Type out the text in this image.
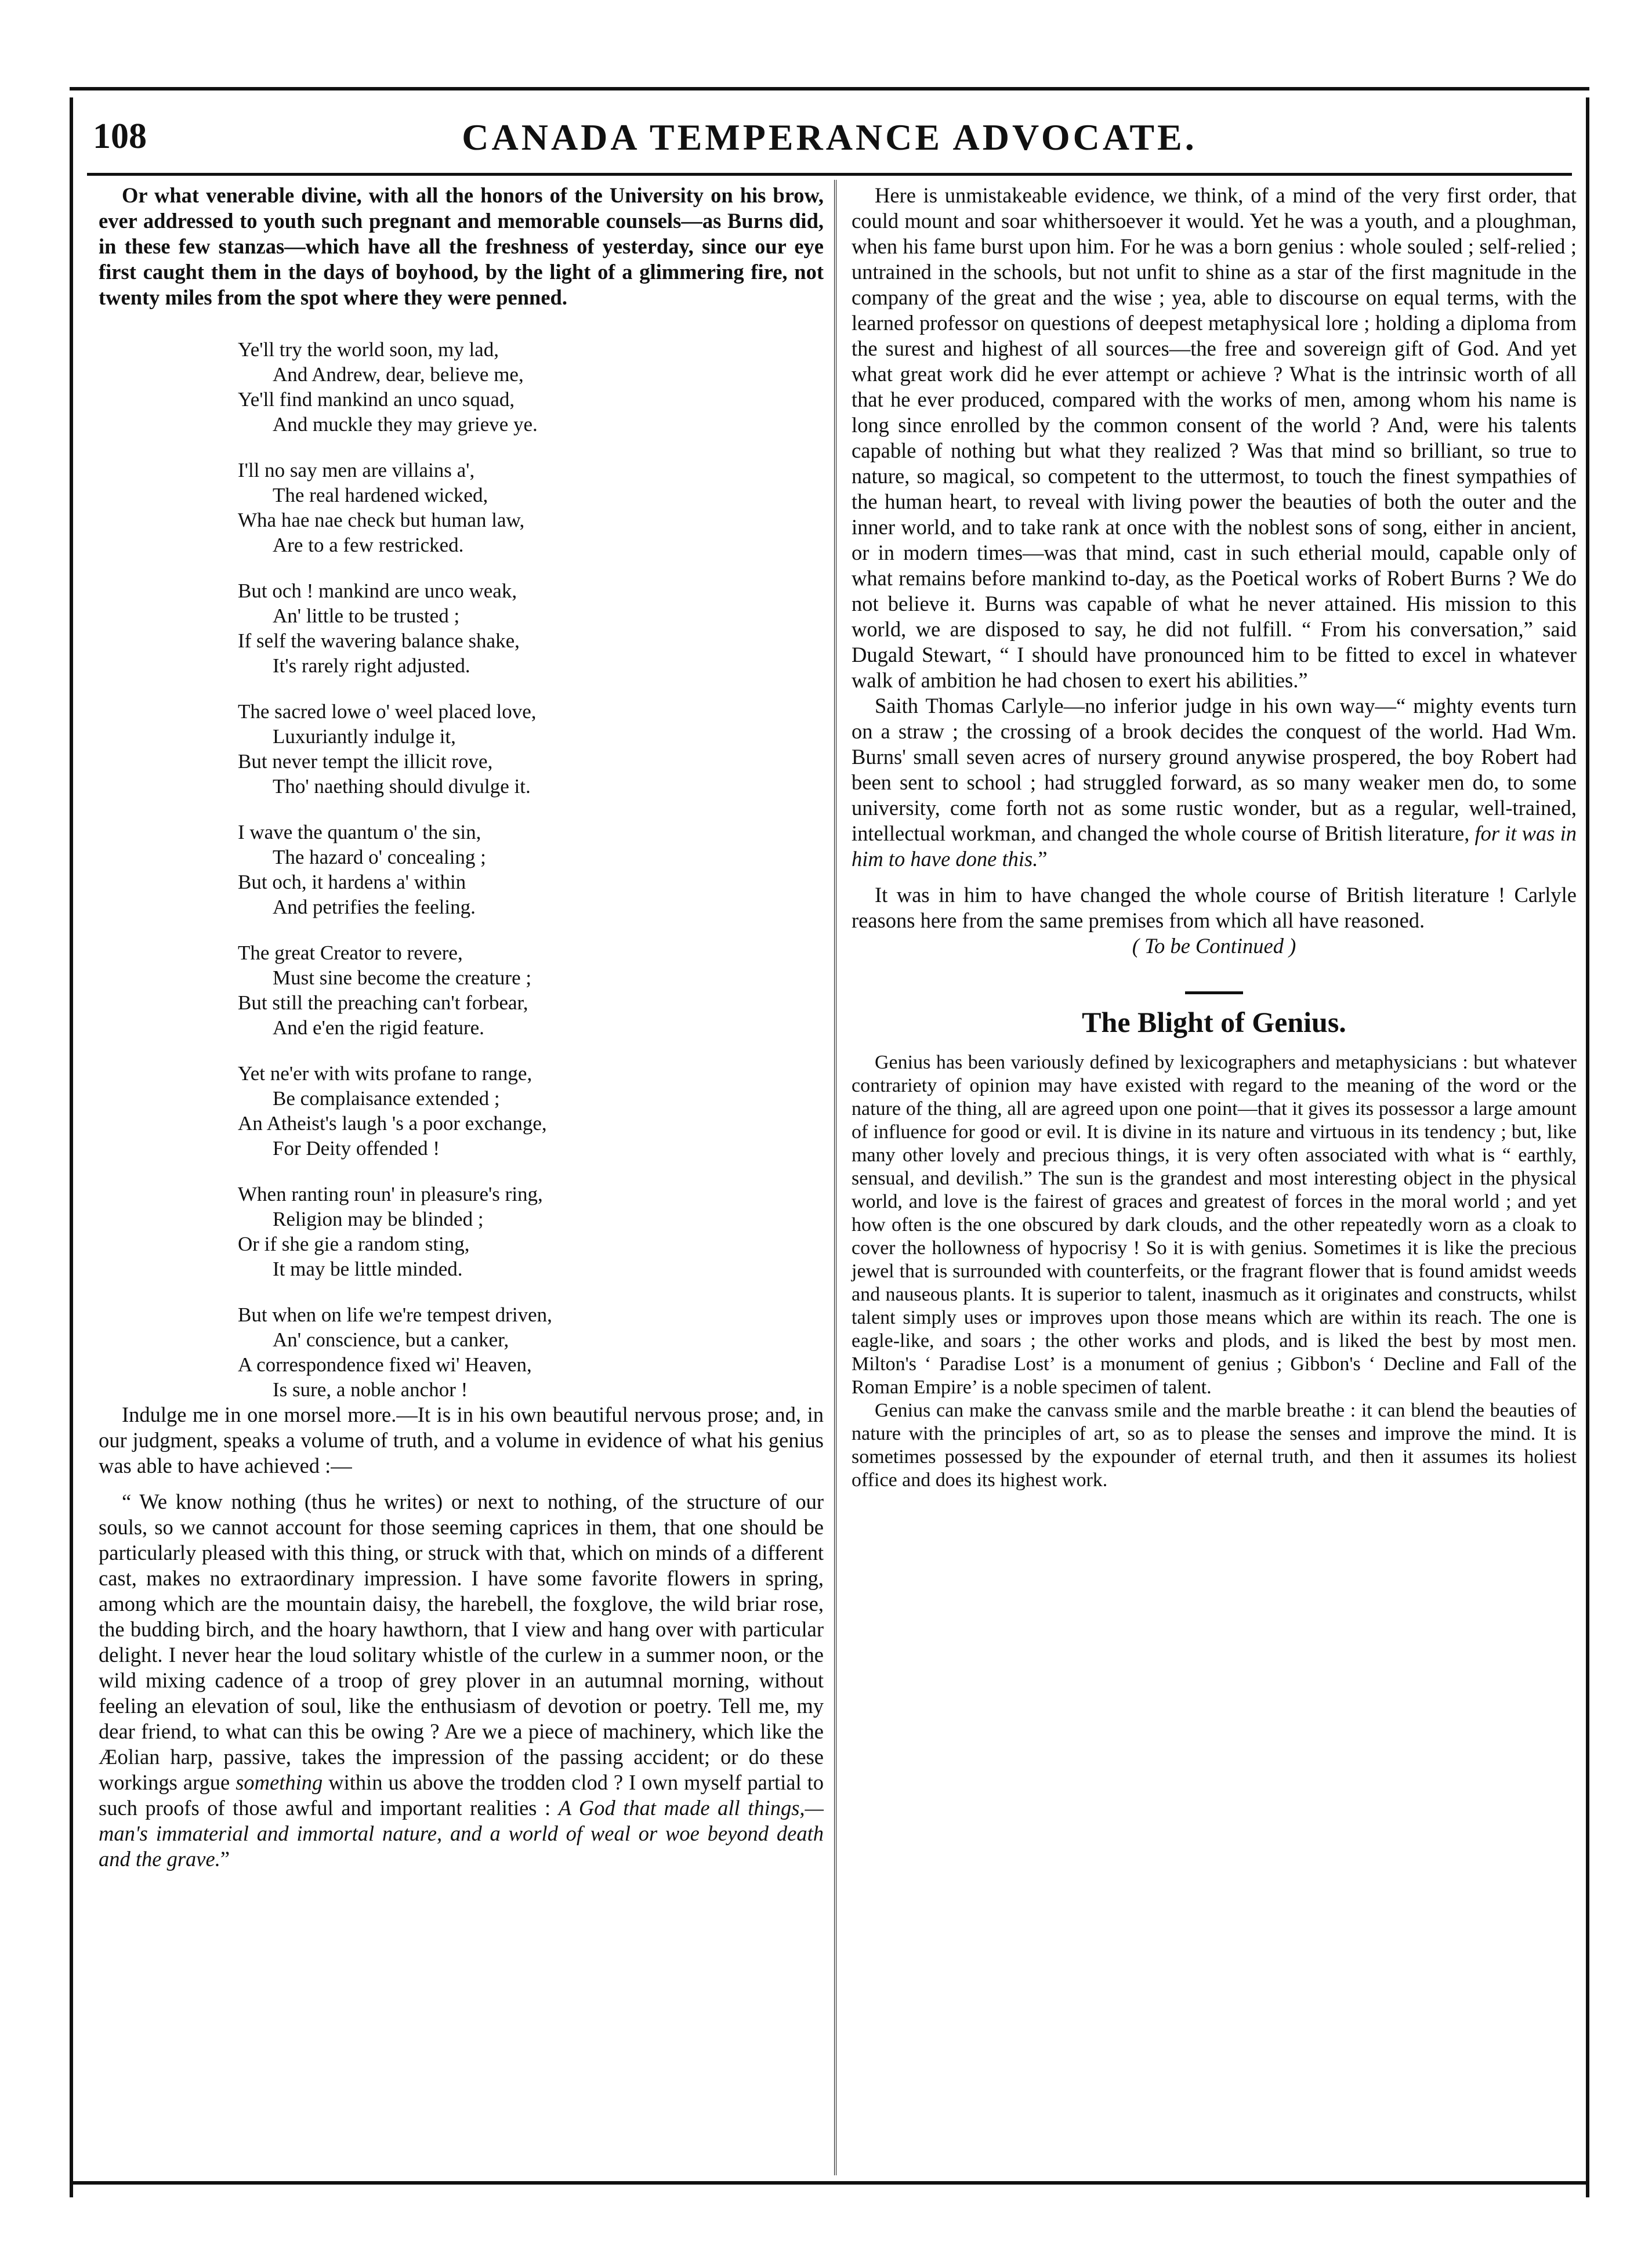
108	CANADA TEMPERANCE ADVOCATE.

Or what venerable divine, with all the honors of the University on his brow, ever addressed to youth such pregnant and memorable counsels—as Burns did, in these few stanzas—which have all the freshness of yesterday, since our eye first caught them in the days of boyhood, by the light of a glimmering fire, not twenty miles from the spot where they were penned.

Ye'll try the world soon, my lad,
And Andrew, dear, believe me,
Ye'll find mankind an unco squad,
And muckle they may grieve ye.
I'll no say men are villains a',
The real hardened wicked,
Wha hae nae check but human law,
Are to a few restricked.
But och ! mankind are unco weak,
An' little to be trusted ;
If self the wavering balance shake,
It's rarely right adjusted.
The sacred lowe o' weel placed love,
Luxuriantly indulge it,
But never tempt the illicit rove,
Tho' naething should divulge it.
I wave the quantum o' the sin,
The hazard o' concealing ;
But och, it hardens a' within
And petrifies the feeling.
The great Creator to revere,
Must sine become the creature ;
But still the preaching can't forbear,
And e'en the rigid feature.
Yet ne'er with wits profane to range,
Be complaisance extended ;
An Atheist's laugh 's a poor exchange,
For Deity offended !
When ranting roun' in pleasure's ring,
Religion may be blinded ;
Or if she gie a random sting,
It may be little minded.
But when on life we're tempest driven,
An' conscience, but a canker,
A correspondence fixed wi' Heaven,
Is sure, a noble anchor !

Indulge me in one morsel more.—It is in his own beautiful nervous prose; and, in our judgment, speaks a volume of truth, and a volume in evidence of what his genius was able to have achieved :—

“ We know nothing (thus he writes) or next to nothing, of the structure of our souls, so we cannot account for those seeming caprices in them, that one should be particularly pleased with this thing, or struck with that, which on minds of a different cast, makes no extraordinary impression. I have some favorite flowers in spring, among which are the mountain daisy, the harebell, the foxglove, the wild briar rose, the budding birch, and the hoary hawthorn, that I view and hang over with particular delight. I never hear the loud solitary whistle of the curlew in a summer noon, or the wild mixing cadence of a troop of grey plover in an autumnal morning, without feeling an elevation of soul, like the enthusiasm of devotion or poetry. Tell me, my dear friend, to what can this be owing ? Are we a piece of machinery, which like the Æolian harp, passive, takes the impression of the passing accident; or do these workings argue something within us above the trodden clod ? I own myself partial to such proofs of those awful and important realities : A God that made all things,—man's immaterial and immortal nature, and a world of weal or woe beyond death and the grave.”

Here is unmistakeable evidence, we think, of a mind of the very first order, that could mount and soar whithersoever it would. Yet he was a youth, and a ploughman, when his fame burst upon him. For he was a born genius : whole souled ; self-relied ; untrained in the schools, but not unfit to shine as a star of the first magnitude in the company of the great and the wise ; yea, able to discourse on equal terms, with the learned professor on questions of deepest metaphysical lore ; holding a diploma from the surest and highest of all sources—the free and sovereign gift of God. And yet what great work did he ever attempt or achieve ? What is the intrinsic worth of all that he ever produced, compared with the works of men, among whom his name is long since enrolled by the common consent of the world ? And, were his talents capable of nothing but what they realized ? Was that mind so brilliant, so true to nature, so magical, so competent to the uttermost, to touch the finest sympathies of the human heart, to reveal with living power the beauties of both the outer and the inner world, and to take rank at once with the noblest sons of song, either in ancient, or in modern times—was that mind, cast in such etherial mould, capable only of what remains before mankind to-day, as the Poetical works of Robert Burns ? We do not believe it. Burns was capable of what he never attained. His mission to this world, we are disposed to say, he did not fulfill. “ From his conversation,” said Dugald Stewart, “ I should have pronounced him to be fitted to excel in whatever walk of ambition he had chosen to exert his abilities.”

Saith Thomas Carlyle—no inferior judge in his own way—“ mighty events turn on a straw ; the crossing of a brook decides the conquest of the world. Had Wm. Burns' small seven acres of nursery ground anywise prospered, the boy Robert had been sent to school ; had struggled forward, as so many weaker men do, to some university, come forth not as some rustic wonder, but as a regular, well-trained, intellectual workman, and changed the whole course of British literature, for it was in him to have done this.”

It was in him to have changed the whole course of British literature ! Carlyle reasons here from the same premises from which all have reasoned.

( To be Continued )

The Blight of Genius.

Genius has been variously defined by lexicographers and metaphysicians : but whatever contrariety of opinion may have existed with regard to the meaning of the word or the nature of the thing, all are agreed upon one point—that it gives its possessor a large amount of influence for good or evil. It is divine in its nature and virtuous in its tendency ; but, like many other lovely and precious things, it is very often associated with what is “ earthly, sensual, and devilish.” The sun is the grandest and most interesting object in the physical world, and love is the fairest of graces and greatest of forces in the moral world ; and yet how often is the one obscured by dark clouds, and the other repeatedly worn as a cloak to cover the hollowness of hypocrisy ! So it is with genius. Sometimes it is like the precious jewel that is surrounded with counterfeits, or the fragrant flower that is found amidst weeds and nauseous plants. It is superior to talent, inasmuch as it originates and constructs, whilst talent simply uses or improves upon those means which are within its reach. The one is eagle-like, and soars ; the other works and plods, and is liked the best by most men. Milton's ‘ Paradise Lost’ is a monument of genius ; Gibbon's ‘ Decline and Fall of the Roman Empire’ is a noble specimen of talent.

Genius can make the canvass smile and the marble breathe : it can blend the beauties of nature with the principles of art, so as to please the senses and improve the mind. It is sometimes possessed by the expounder of eternal truth, and then it assumes its holiest office and does its highest work.
